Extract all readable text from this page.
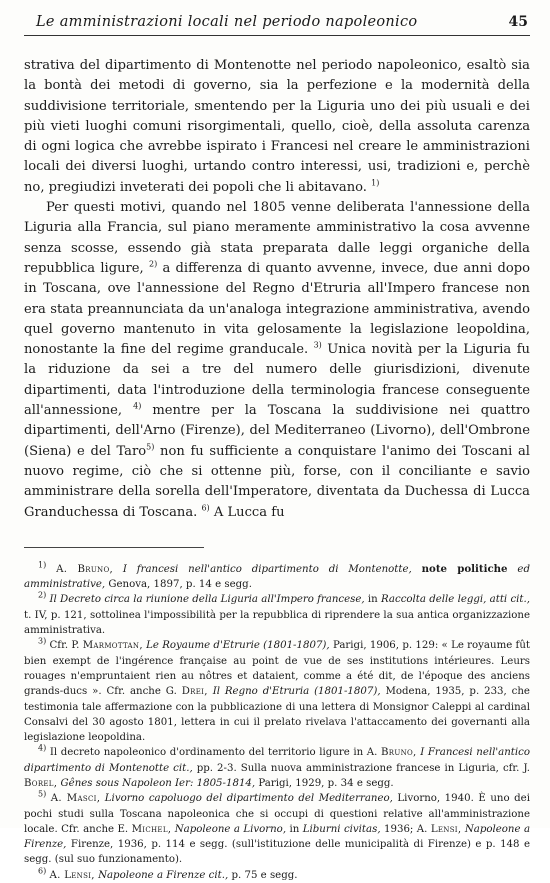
Le amministrazioni locali nel periodo napoleonico	45

strativa del dipartimento di Montenotte nel periodo napoleonico, esaltò sia la bontà dei metodi di governo, sia la perfezione e la modernità della suddivisione territoriale, smentendo per la Liguria uno dei più usuali e dei più vieti luoghi comuni risorgimentali, quello, cioè, della assoluta carenza di ogni logica che avrebbe ispirato i Francesi nel creare le amministrazioni locali dei diversi luoghi, urtando contro interessi, usi, tradizioni e, perchè no, pregiudizi inveterati dei popoli che li abitavano. $^{1)}$

Per questi motivi, quando nel 1805 venne deliberata l'annessione della Liguria alla Francia, sul piano meramente amministrativo la cosa avvenne senza scosse, essendo già stata preparata dalle leggi organiche della repubblica ligure, $^{2)}$ a differenza di quanto avvenne, invece, due anni dopo in Toscana, ove l'annessione del Regno d'Etruria all'Impero francese non era stata preannunciata da un'analoga integrazione amministrativa, avendo quel governo mantenuto in vita gelosamente la legislazione leopoldina, nonostante la fine del regime granducale. $^{3)}$ Unica novità per la Liguria fu la riduzione da sei a tre del numero delle giurisdizioni, divenute dipartimenti, data l'introduzione della terminologia francese conseguente all'annessione, $^{4)}$ mentre per la Toscana la suddivisione nei quattro dipartimenti, dell'Arno (Firenze), del Mediterraneo (Livorno), dell'Ombrone (Siena) e del Taro$^{5)}$ non fu sufficiente a conquistare l'animo dei Toscani al nuovo regime, ciò che si ottenne più, forse, con il conciliante e savio amministrare della sorella dell'Imperatore, diventata da Duchessa di Lucca Granduchessa di Toscana. $^{6)}$ A Lucca fu

$^{1)}$ A. Bruno, I francesi nell'antico dipartimento di Montenotte, note politiche ed amministrative, Genova, 1897, p. 14 e segg.

$^{2)}$ Il Decreto circa la riunione della Liguria all'Impero francese, in Raccolta delle leggi, atti cit., t. IV, p. 121, sottolinea l'impossibilità per la repubblica di riprendere la sua antica organizzazione amministrativa.

$^{3)}$ Cfr. P. Marmottan, Le Royaume d'Etrurie (1801-1807), Parigi, 1906, p. 129: « Le royaume fût bien exempt de l'ingérence française au point de vue de ses institutions intérieures. Leurs rouages n'empruntaient rien au nôtres et dataient, comme a été dit, de l'époque des anciens grands-ducs ». Cfr. anche G. Drei, Il Regno d'Etruria (1801-1807), Modena, 1935, p. 233, che testimonia tale affermazione con la pubblicazione di una lettera di Monsignor Caleppi al cardinal Consalvi del 30 agosto 1801, lettera in cui il prelato rivelava l'attaccamento dei governanti alla legislazione leopoldina.

$^{4)}$ Il decreto napoleonico d'ordinamento del territorio ligure in A. Bruno, I Francesi nell'antico dipartimento di Montenotte cit., pp. 2-3. Sulla nuova amministrazione francese in Liguria, cfr. J. Borel, Gênes sous Napoleon Ier: 1805-1814, Parigi, 1929, p. 34 e segg.

$^{5)}$ A. Masci, Livorno capoluogo del dipartimento del Mediterraneo, Livorno, 1940. È uno dei pochi studi sulla Toscana napoleonica che si occupi di questioni relative all'amministrazione locale. Cfr. anche E. Michel, Napoleone a Livorno, in Liburni civitas, 1936; A. Lensi, Napoleone a Firenze, Firenze, 1936, p. 114 e segg. (sull'istituzione delle municipalità di Firenze) e p. 148 e segg. (sul suo funzionamento).

$^{6)}$ A. Lensi, Napoleone a Firenze cit., p. 75 e segg.
